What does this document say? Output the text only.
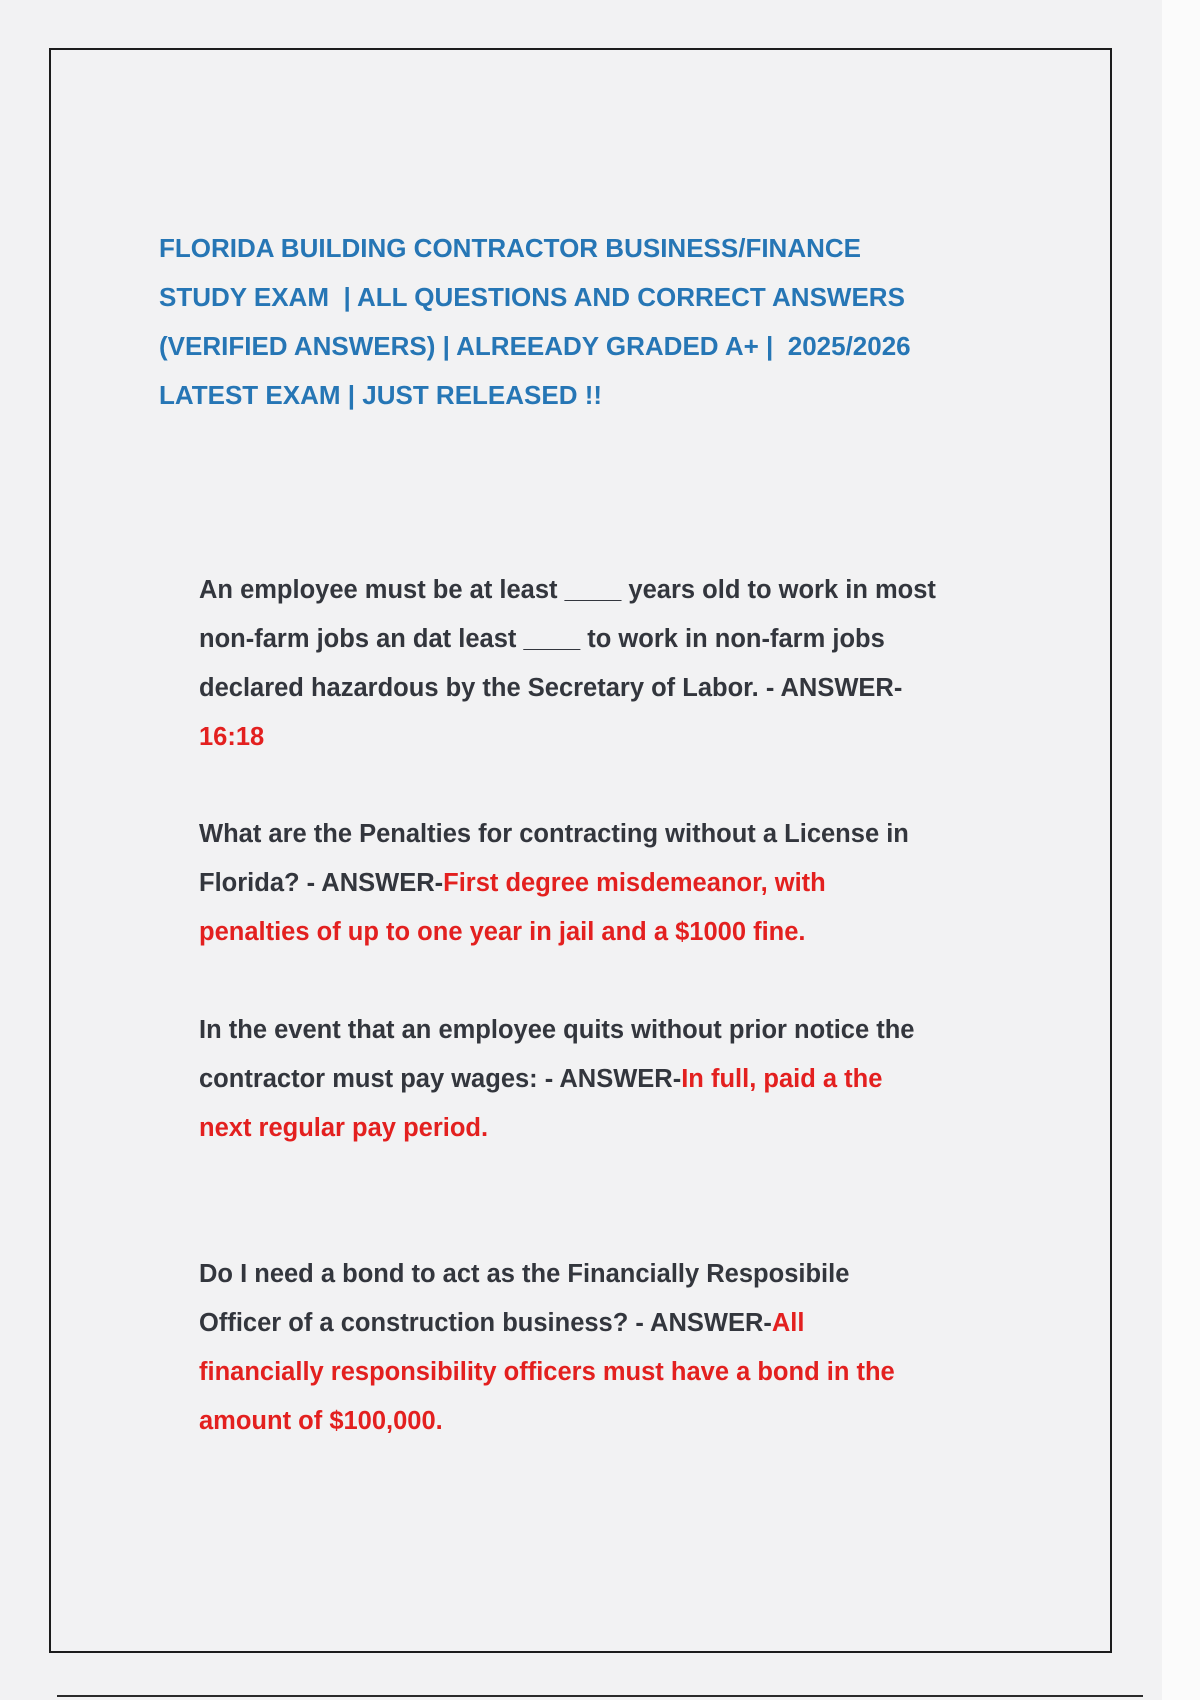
FLORIDA BUILDING CONTRACTOR BUSINESS/FINANCE
STUDY EXAM  | ALL QUESTIONS AND CORRECT ANSWERS
(VERIFIED ANSWERS) | ALREEADY GRADED A+ |  2025/2026
LATEST EXAM | JUST RELEASED !!
An employee must be at least ____ years old to work in most
non-farm jobs an dat least ____ to work in non-farm jobs
declared hazardous by the Secretary of Labor. - ANSWER-
16:18
What are the Penalties for contracting without a License in
Florida? - ANSWER-First degree misdemeanor, with
penalties of up to one year in jail and a $1000 fine.
In the event that an employee quits without prior notice the
contractor must pay wages: - ANSWER-In full, paid a the
next regular pay period.
Do I need a bond to act as the Financially Resposibile
Officer of a construction business? - ANSWER-All
financially responsibility officers must have a bond in the
amount of $100,000.
